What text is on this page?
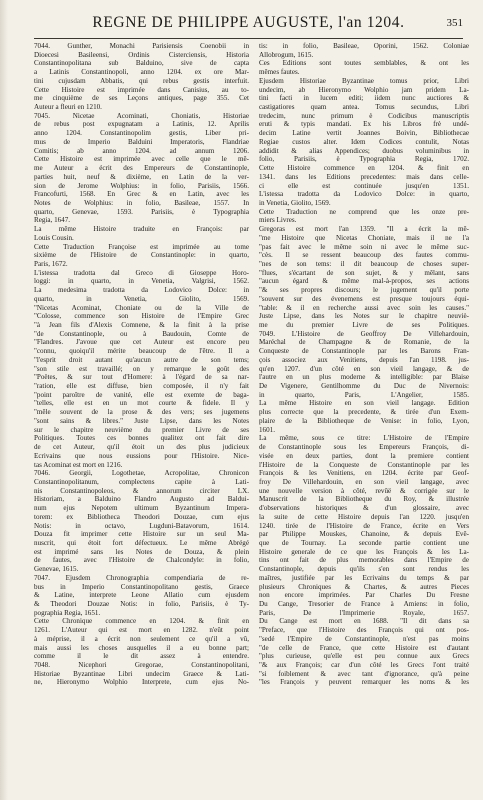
REGNE DE PHILIPPE AUGUSTE, l'an 1204.	351
7044. Gunther, Monachi Parisiensis Coenobii in
Dioecesi Basileensi, Ordinis Cisterciensis, Historia
Constantinopolitana sub Balduino, sive de capta
a Latinis Constantinopoli, anno 1204. ex ore Mar-
tini cujusdam Abbatis, qui rebus gestis interfuit.
Cette Histoire est imprimée dans Canisius, au to-
me cinquième de ses Leçons antiques, page 355. Cet
Auteur a fleuri en 1210.
7045. Nicetae Acominati, Choniatis, Historiae
de rebus post expugnatam a Latinis, 12. Aprilis
anno 1204. Constantinopolim gestis, Liber pri-
mus de Imperio Balduini Imperatoris, Flandriae
Comitis; ab anno 1204. ad annum 1206.
Cette Histoire est imprimée avec celle que le mê-
me Auteur a écrit des Empereurs de Constantinople,
parties huit, neuf & dixième, en Latin de la ver-
sion de Jerome Wolphius: in folio, Parisiis, 1566.
Francofurti, 1568. En Grec & en Latin, avec les
Notes de Wolphius: in folio, Basileae, 1557. In
quarto, Genevae, 1593. Parisiis, è Typographia
Regia, 1647.
La même Histoire traduite en François: par
Louis Cousin.
Cette Traduction Françoise est imprimée au tome
sixième de l'Histoire de Constantinople: in quarto,
Paris, 1672.
L'istessa tradotta dal Greco di Gioseppe Horo-
loggi: in quarto, in Venetia, Valgrisi, 1562.
La medesima tradotta da Lodovico Dolce: in
quarto, in Venetia, Giolito, 1569.
"Nicetas Acominat, Choniate ou de la Ville de
"Colosse, commence son Histoire de l'Empire Grec
"à Jean fils d'Alexis Comnene, & la finit à la prise
"de Constantinople, ou à Baudouin, Comte de
"Flandres. J'avoue que cet Auteur est encore peu
"connu, quoiqu'il mérite beaucoup de l'être. Il a
"l'esprit droit autant qu'aucun autre de son tems;
"son stile est travaillé; on y remarque le goût des
"Poëtes, & sur tout d'Homere: à l'égard de sa nar-
"ration, elle est diffuse, bien composée, il n'y fait
"point paroître de vanité, elle est exemte de baga-
"telles, elle est en un mot courte & fidele. Il y
"mêle souvent de la prose & des vers; ses jugemens
"sont sains & libres." Juste Lipse, dans les Notes
sur le chapitre neuvième du premier Livre de ses
Politiques. Toutes ces bonnes qualitez ont fait dire
de cet Auteur, qu'il étoit un des plus judicieux
Ecrivains que nous eussions pour l'Histoire. Nice-
tas Acominat est mort en 1216.
7046. Georgii, Logothetae, Acropolitae, Chronicon
Constantinopolitanum, complectens capite à Lati-
nis Constantinopoleos, & annorum circiter LX.
Historiam, a Balduino Flandro Augusto ad Baldui-
num ejus Nepotem ultimum Byzantinum Impera-
torem: ex Bibliotheca Theodori Douzae, cum ejus
Notis: in octavo, Lugduni-Batavorum, 1614.
Douza fit imprimer cette Histoire sur un seul Ma-
nuscrit, qui étoit fort défectueux. Le même Abrégé
est imprimé sans les Notes de Douza, & plein
de fautes, avec l'Histoire de Chalcondyle: in folio,
Genevae, 1615.
7047. Ejusdem Chronographia compendiaria de re-
bus in Imperio Constantinopolitano gestis, Graece
& Latine, interprete Leone Allatio cum ejusdem
& Theodori Douzae Notis: in folio, Parisiis, è Ty-
pographia Regia, 1651.
Cette Chronique commence en 1204. & finit en
1261. L'Auteur qui est mort en 1282. n'eût point
à méprise, il a écrit non seulement ce qu'il a vû,
mais aussi les choses ausquelles il a eu bonne part;
comme il le dit assez à entendre.
7048. Nicephori Gregorae, Constantinopolitani,
Historiae Byzantinae Libri undecim Graece & Lati-
ne, Hieronymo Wolphio Interprete, cum ejus No-
tis: in folio, Basileae, Oporini, 1562. Coloniae
Allobrogum, 1615.
Ces Editions sont toutes semblables, & ont les
mêmes fautes.
Ejusdem Historiae Byzantinae tomus prior, Libri
undecim, ab Hieronymo Wolphio jam pridem La-
tini facti in lucem editi; iidem nunc auctiores &
castigatiores quam antea. Tomus secundus, Libri
tredecim, nunc primum è Codicibus manuscriptis
eruti & typis mandati. Ex his Libros frè undé-
decim Latine vertit Joannes Boivin, Bibliothecae
Regiae custos alter. Idem Codices contulit, Notas
addidit & alias Appendices; duobus voluminibus in
folio, Parisiis, è Typographia Regia, 1702.
Cette Histoire commence en 1204. & finit en
1341. dans les Editions precedentes: mais dans celle-
ci elle est continuée jusqu'en 1351.
L'istessa tradotta da Lodovico Dolce: in quarto,
in Venetia, Giolito, 1569.
Cette Traduction ne comprend que les onze pre-
miers Livres.
Gregoras est mort l'an 1359. "Il a écrit la mê-
"me Histoire que Nicetas Choniate, mais il ne l'a
"pas fait avec le même soin ni avec le même suc-
"cès. Il se ressent beaucoup des fautes commu-
"nes de son tems: il dit beaucoup de choses super-
"flues, s'écartant de son sujet, & y mêlant, sans
"aucun égard & même mal-à-propos, ses actions
"& ses propres discours; le jugement qu'il porte
"souvent sur des évenemens est presque toujours équi-
"table: & il en recherche aussi avec soin les causes."
Juste Lipse, dans les Notes sur le chapitre neuviè-
me du premier Livre de ses Politiques.
7049. L'Histoire de Geoffroy De Villehardouin,
Maréchal de Champagne & de Romanie, de la
Conqueste de Constantinople par les Barons Fran-
çois associez aux Venitiens, depuis l'an 1198. jus-
qu'en 1207. d'un côté en son vieil langage, & de
l'autre en un plus moderne & intelligible: par Blaise
De Vigenere, Gentilhomme du Duc de Nivernois:
in quarto, Paris, L'Angelier, 1585.
La même Histoire en son vieil langage. Edition
plus correcte que la precedente, & tirée d'un Exem-
plaire de la Bibliotheque de Venise: in folio, Lyon,
1601.
La même, sous ce titre: L'Histoire de l'Empire
de Constantinople sous les Empereurs François, di-
visée en deux parties, dont la premiere contient
l'Histoire de la Conqueste de Constantinople par les
François & les Venitiens, en 1204. écrite par Geof-
froy De Villehardouin, en son vieil langage, avec
une nouvelle version à côté, revûë & corrigée sur le
Manuscrit de la Bibliotheque du Roy, & illustrée
d'observations historiques & d'un glossaire, avec
la suite de cette Histoire depuis l'an 1220. jusqu'en
1240. tirée de l'Histoire de France, écrite en Vers
par Philippe Mouskes, Chanoine, & depuis Evê-
que de Tournay. La seconde partie contient une
Histoire generale de ce que les François & les La-
tins ont fait de plus memorables dans l'Empire de
Constantinople, depuis qu'ils s'en sont rendus les
maîtres, justifiée par les Ecrivains du temps & par
plusieurs Chroniques & Chartes, & autres Pieces
non encore imprimées. Par Charles Du Fresne
Du Cange, Tresorier de France à Amiens: in folio,
Paris, De l'Imprimerie Royale, 1657.
Du Cange est mort en 1688. "Il dit dans sa
"Preface, que l'Histoire des François qui ont pos-
"sedé l'Empire de Constantinople, n'est pas moins
"de celle de France, que cette Histoire est d'autant
"plus curieuse, qu'elle est peu connue aux Grecs
"& aux François; car d'un côté les Grecs l'ont traité
"si foiblement & avec tant d'ignorance, qu'à peine
"les François y peuvent remarquer les noms & les
